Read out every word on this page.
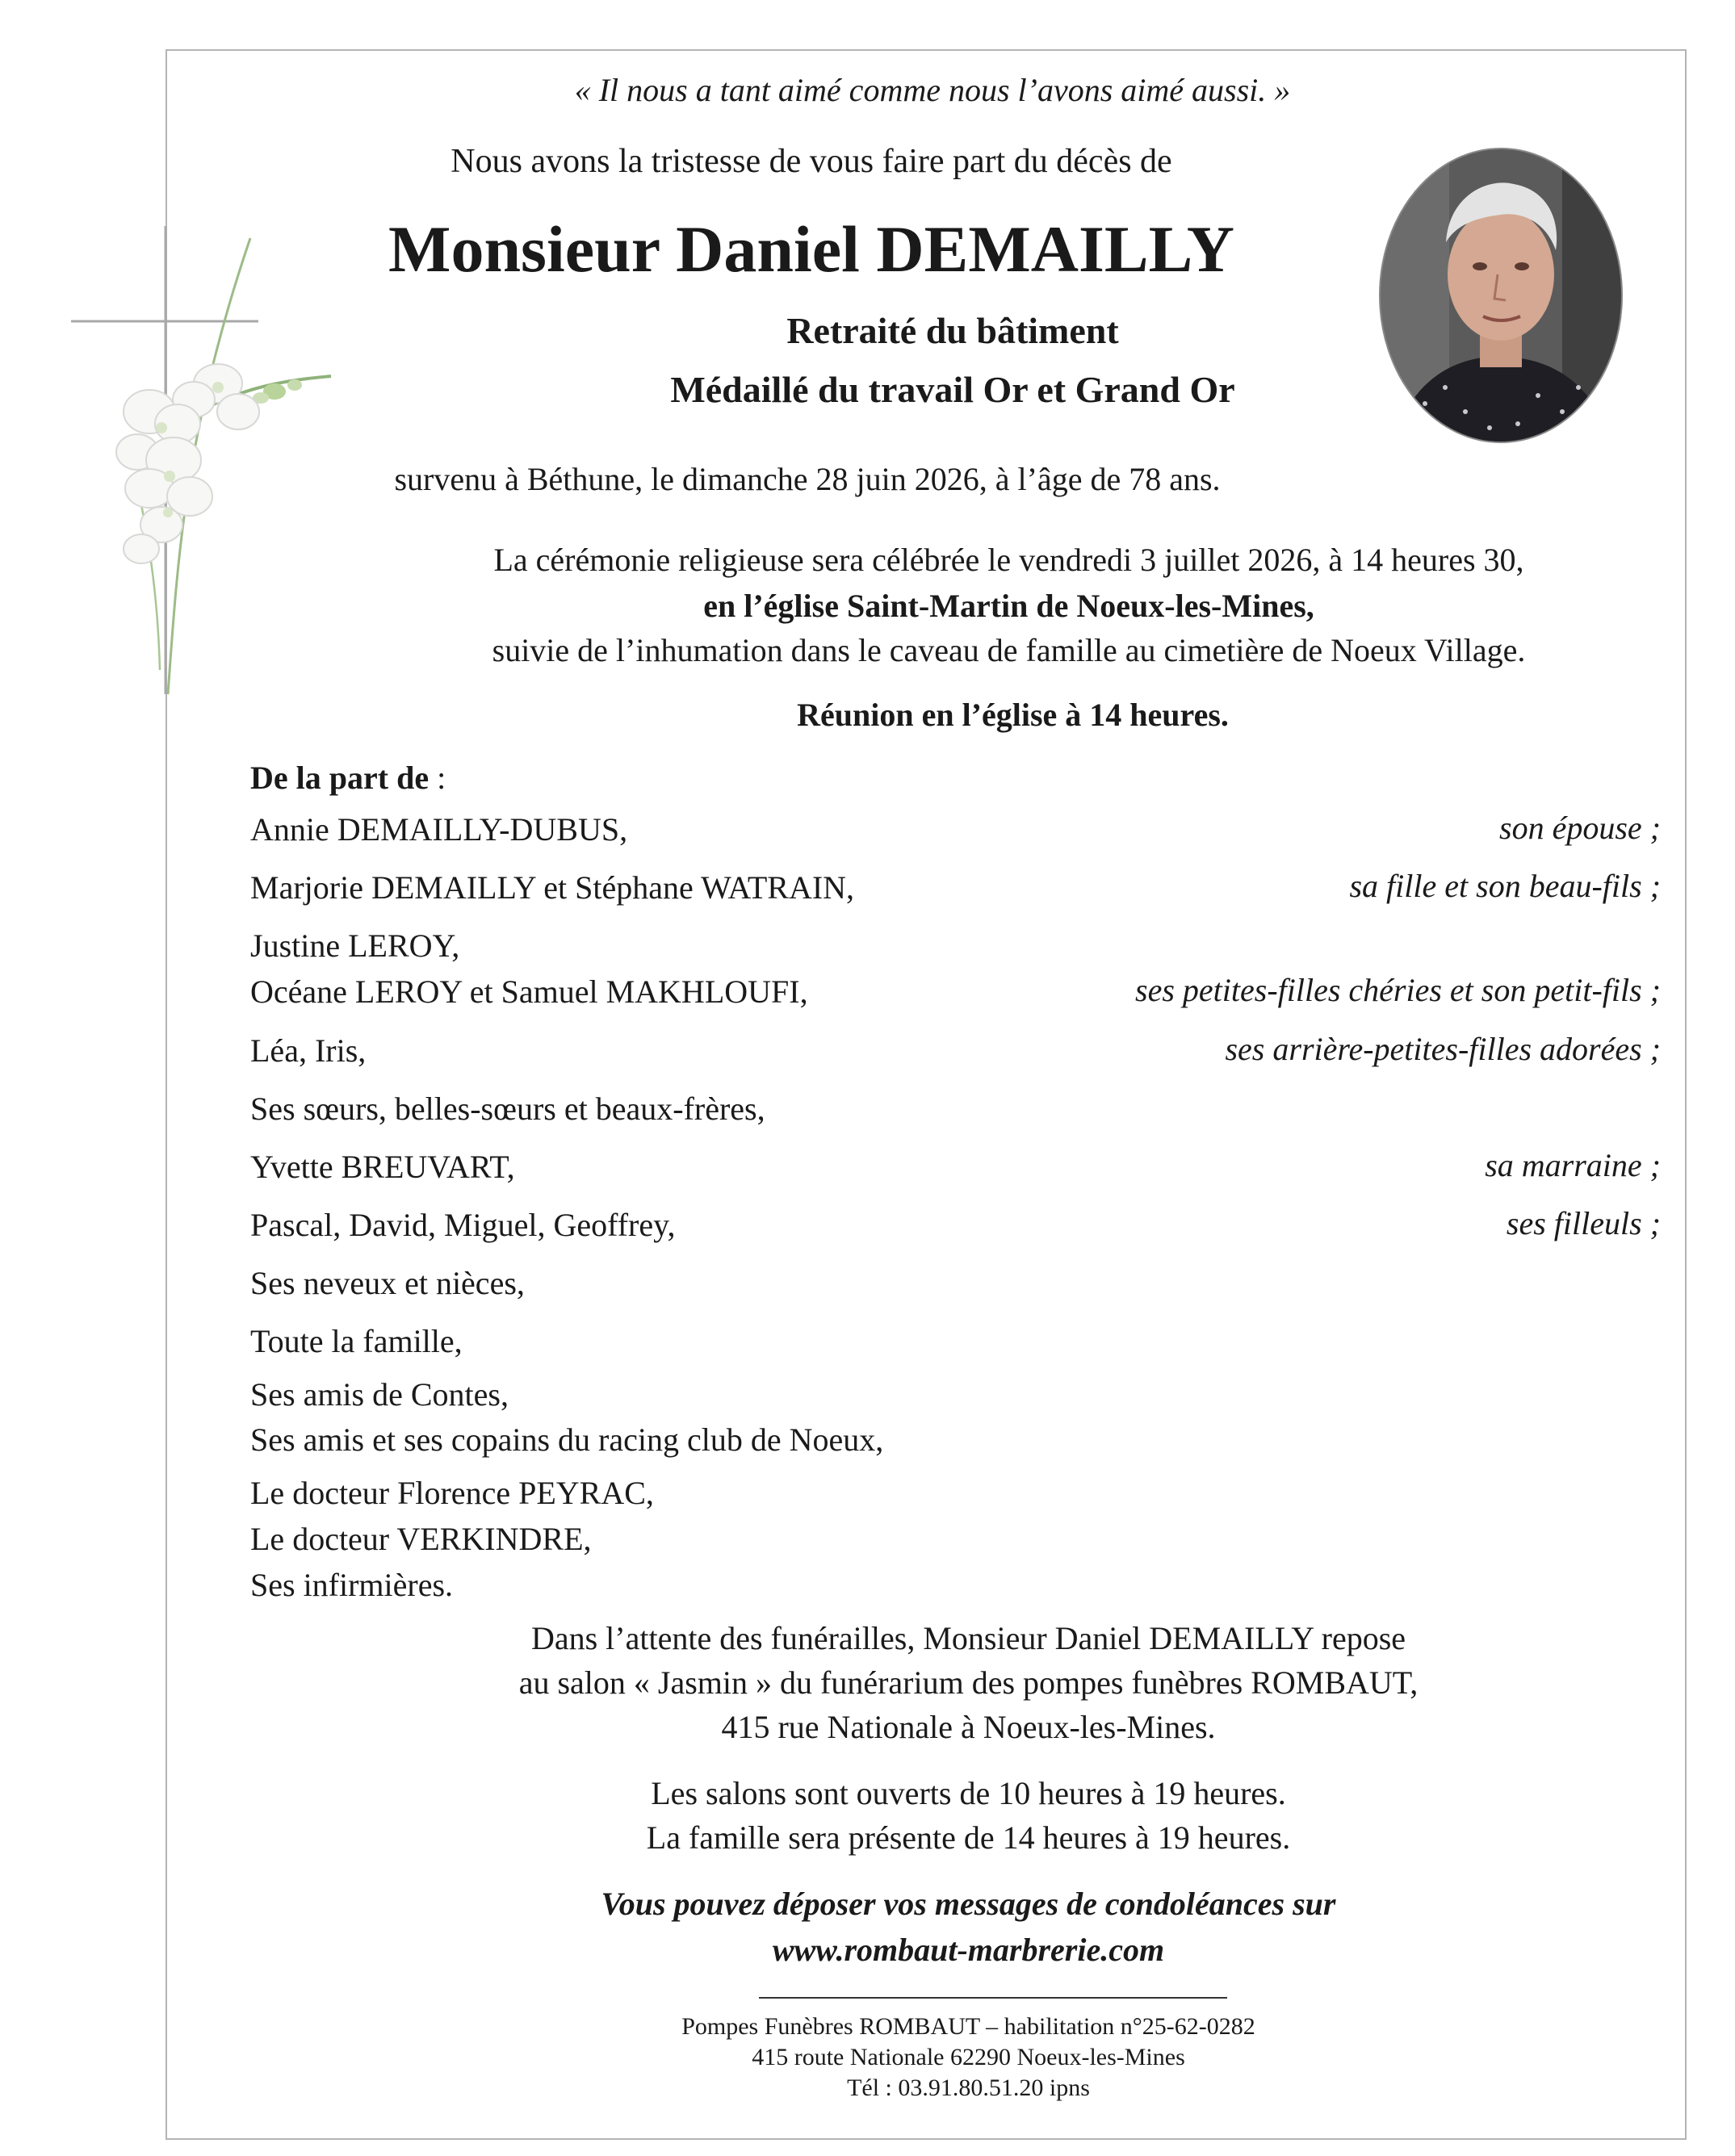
« Il nous a tant aimé comme nous l’avons aimé aussi. »
Nous avons la tristesse de vous faire part du décès de
Monsieur Daniel DEMAILLY
Retraité du bâtiment
Médaillé du travail Or et Grand Or
survenu à Béthune, le dimanche 28 juin 2026, à l’âge de 78 ans.
La cérémonie religieuse sera célébrée le vendredi 3 juillet 2026, à 14 heures 30,
en l’église Saint-Martin de Noeux-les-Mines,
suivie de l’inhumation dans le caveau de famille au cimetière de Noeux Village.
Réunion en l’église à 14 heures.
De la part de :
Annie DEMAILLY-DUBUS,
Marjorie DEMAILLY et Stéphane WATRAIN,
Justine LEROY,
Océane LEROY et Samuel MAKHLOUFI,
Léa, Iris,
Ses sœurs, belles-sœurs et beaux-frères,
Yvette BREUVART,
Pascal, David, Miguel, Geoffrey,
Ses neveux et nièces,
Toute la famille,
Ses amis de Contes,
Ses amis et ses copains du racing club de Noeux,
Le docteur Florence PEYRAC,
Le docteur VERKINDRE,
Ses infirmières.
son épouse ;
sa fille et son beau-fils ;
ses petites-filles chéries et son petit-fils ;
ses arrière-petites-filles adorées ;
sa marraine ;
ses filleuls ;
Dans l’attente des funérailles, Monsieur Daniel DEMAILLY repose
au salon « Jasmin » du funérarium des pompes funèbres ROMBAUT,
415 rue Nationale à Noeux-les-Mines.
Les salons sont ouverts de 10 heures à 19 heures.
La famille sera présente de 14 heures à 19 heures.
Vous pouvez déposer vos messages de condoléances sur
www.rombaut-marbrerie.com
Pompes Funèbres ROMBAUT – habilitation n°25-62-0282
415 route Nationale 62290 Noeux-les-Mines
Tél : 03.91.80.51.20 ipns
